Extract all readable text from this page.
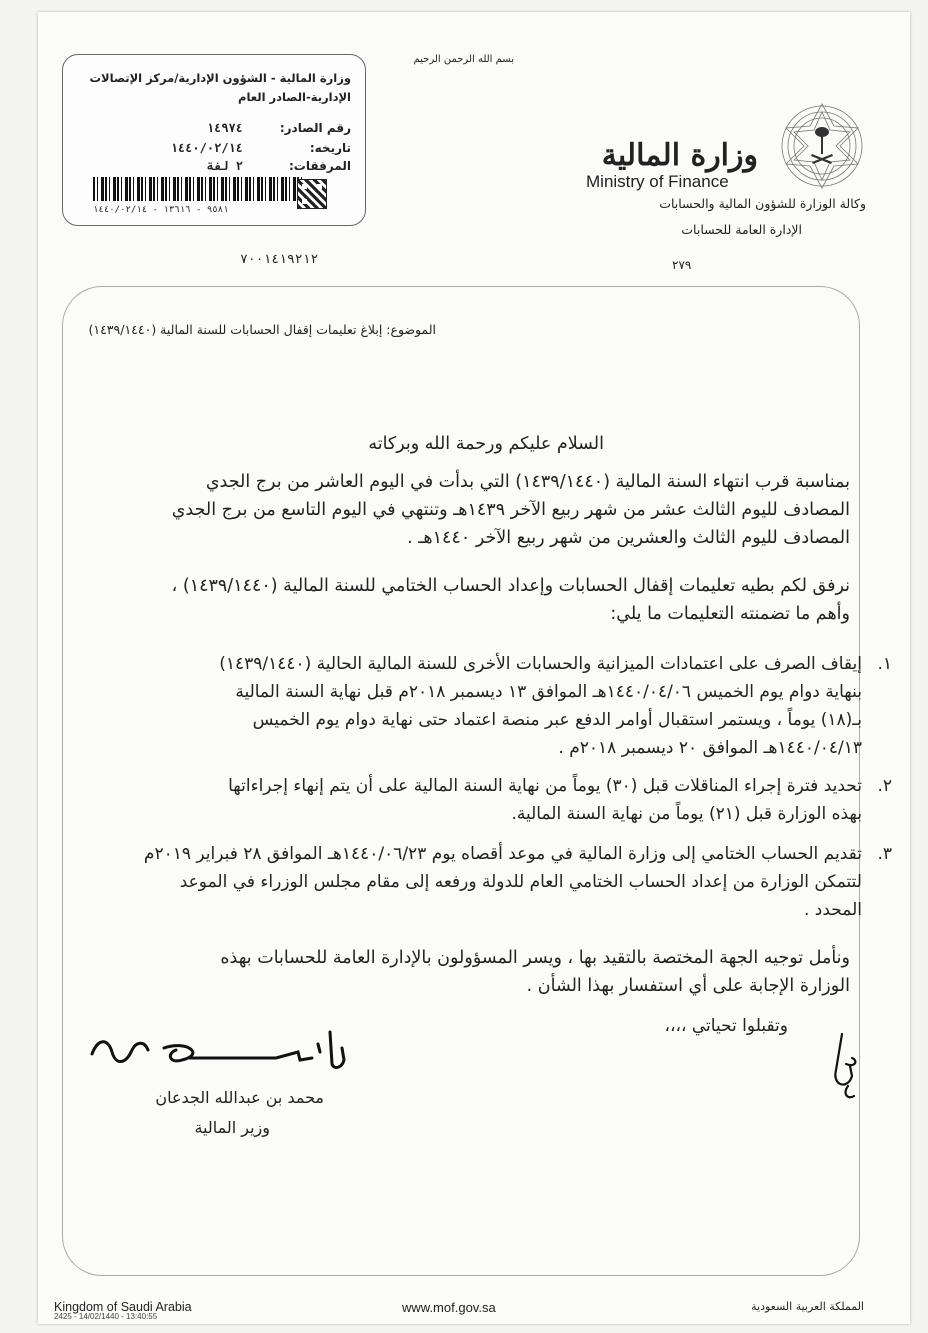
وزارة المالية - الشؤون الإدارية/مركز الإتصالات
الإدارية-الصادر العام
رقم الصادر:
١٤٩٧٤
تاريخه:
١٤٤٠/٠٢/١٤
المرفقات:
٢ لفة
٩٥٨١ - ١٣٦١٦ - ١٤٤٠/٠٢/١٤
بسم الله الرحمن الرحيم
وزارة المالية
Ministry of Finance
وكالة الوزارة للشؤون المالية والحسابات
الإدارة العامة للحسابات
٢٧٩
٧٠٠١٤١٩٢١٢
الموضوع: إبلاغ تعليمات إقفال الحسابات للسنة المالية (١٤٣٩/١٤٤٠)
السلام عليكم ورحمة الله وبركاته
بمناسبة قرب انتهاء السنة المالية (١٤٣٩/١٤٤٠) التي بدأت في اليوم العاشر من برج الجدي
المصادف لليوم الثالث عشر من شهر ربيع الآخر ١٤٣٩هـ وتنتهي في اليوم التاسع من برج الجدي
المصادف لليوم الثالث والعشرين من شهر ربيع الآخر ١٤٤٠هـ .
نرفق لكم بطيه تعليمات إقفال الحسابات وإعداد الحساب الختامي للسنة المالية (١٤٣٩/١٤٤٠) ،
وأهم ما تضمنته التعليمات ما يلي:
١.
إيقاف الصرف على اعتمادات الميزانية والحسابات الأخرى للسنة المالية الحالية (١٤٣٩/١٤٤٠)
بنهاية دوام يوم الخميس ١٤٤٠/٠٤/٠٦هـ الموافق ١٣ ديسمبر ٢٠١٨م قبل نهاية السنة المالية
بـ(١٨) يوماً ، ويستمر استقبال أوامر الدفع عبر منصة اعتماد حتى نهاية دوام يوم الخميس
١٤٤٠/٠٤/١٣هـ الموافق ٢٠ ديسمبر ٢٠١٨م .
٢.
تحديد فترة إجراء المناقلات قبل (٣٠) يوماً من نهاية السنة المالية على أن يتم إنهاء إجراءاتها
بهذه الوزارة قبل (٢١) يوماً من نهاية السنة المالية.
٣.
تقديم الحساب الختامي إلى وزارة المالية في موعد أقصاه يوم ١٤٤٠/٠٦/٢٣هـ الموافق ٢٨ فبراير ٢٠١٩م
لتتمكن الوزارة من إعداد الحساب الختامي العام للدولة ورفعه إلى مقام مجلس الوزراء في الموعد
المحدد .
ونأمل توجيه الجهة المختصة بالتقيد بها ، ويسر المسؤولون بالإدارة العامة للحسابات بهذه
الوزارة الإجابة على أي استفسار بهذا الشأن .
وتقبلوا تحياتي ،،،،
محمد بن عبدالله الجدعان
وزير المالية
Kingdom of Saudi Arabia
2425 - 14/02/1440 - 13:40:55
www.mof.gov.sa	المملكة العربية السعودية
